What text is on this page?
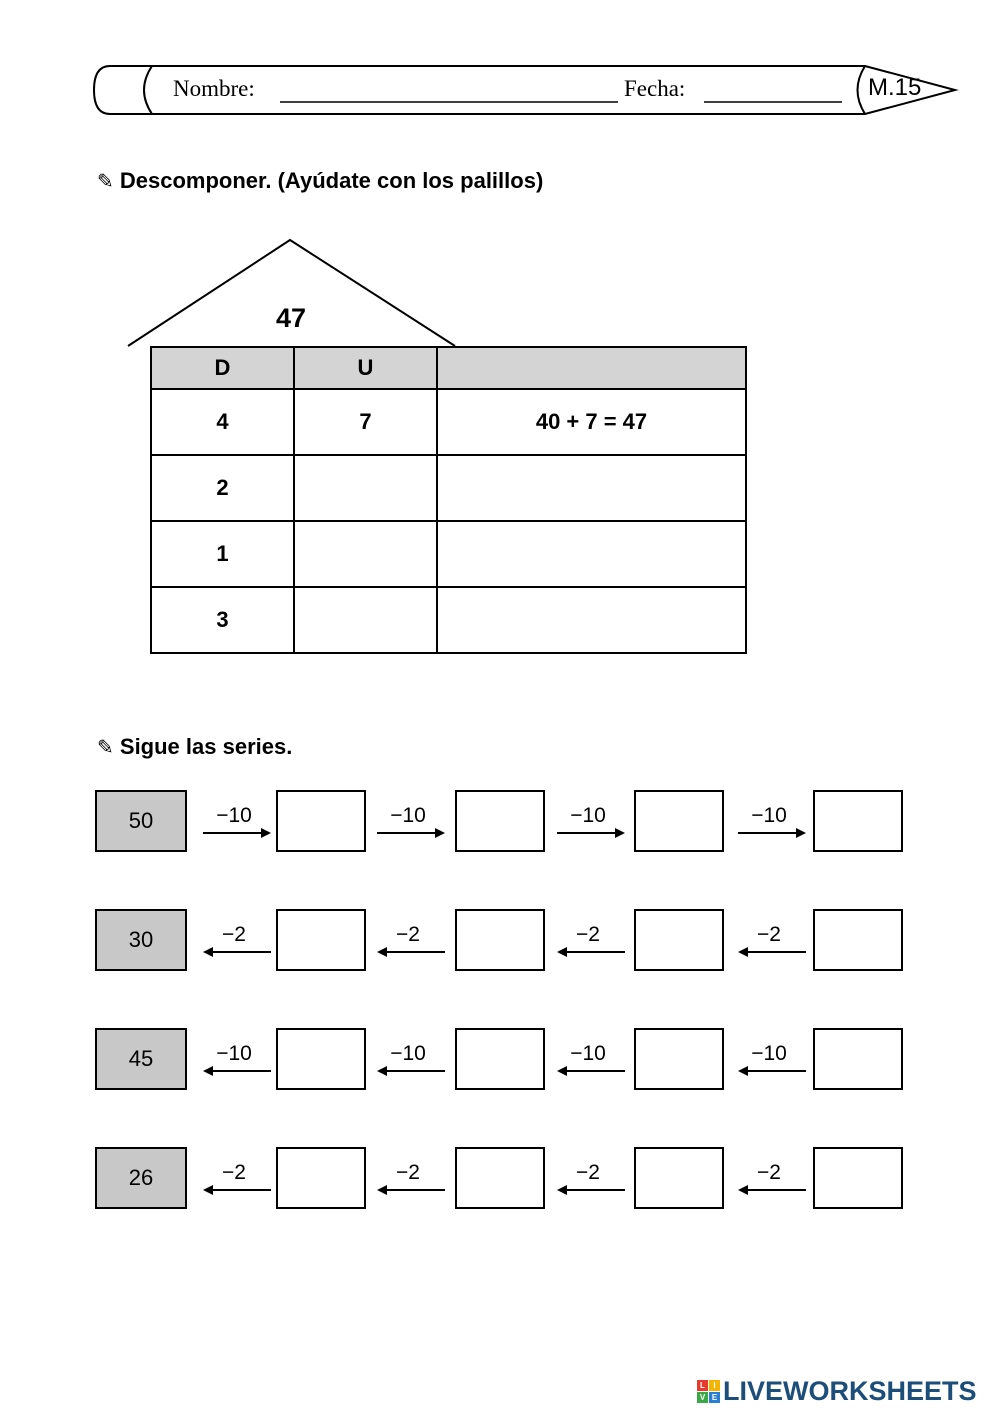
Nombre:	Fecha:	M.15
✎ Descomponer. (Ayúdate con los palillos)
47
D	U	
4	7	40 + 7 = 47
2		
1		
3		
✎ Sigue las series.
50	−10	−10	−10	−10
30	−2	−2	−2	−2
45	−10	−10	−10	−10
26	−2	−2	−2	−2
L	I
V E LIVEWORKSHEETS
